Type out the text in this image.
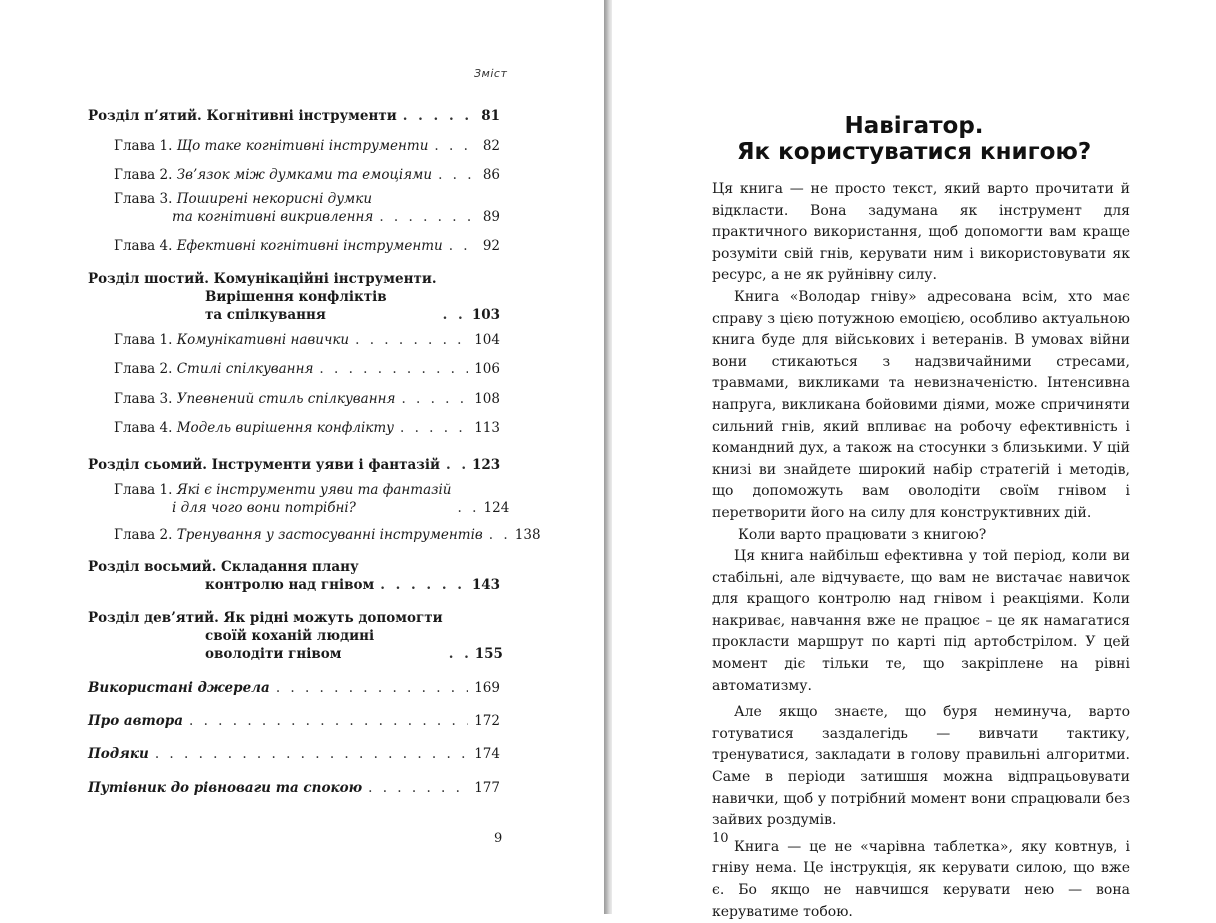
Зміст
Розділ п’ятий. Когнітивні інструменти . . .	81
Глава 1. Що таке когнітивні інструменти . . .	82
Глава 2. Зв’язок між думками та емоціями . . .	86
Глава 3. Поширені некорисні думки
та когнітивні викривлення . . .	89
Глава 4. Ефективні когнітивні інструменти . . .	92
Розділ шостий. Комунікаційні інструменти.
Вирішення конфліктів
та спілкування . . .	103
Глава 1. Комунікативні навички . . .	104
Глава 2. Стилі спілкування . . .	106
Глава 3. Упевнений стиль спілкування . . .	108
Глава 4. Модель вирішення конфлікту . . .	113
Розділ сьомий. Інструменти уяви і фантазій . . . 123
Глава 1. Які є інструменти уяви та фантазій
і для чого вони потрібні? . . .	124
Глава 2. Тренування у застосуванні інструментів . . . 138
Розділ восьмий. Складання плану
контролю над гнівом . . .	143
Розділ дев’ятий. Як рідні можуть допомогти
своїй коханій людині
оволодіти гнівом . . .	155
Використані джерела . . .	169
Про автора . . .	172
Подяки . . .	174
Путівник до рівноваги та спокою . . .	177
9
Навігатор.
Як користуватися книгою?

Ця книга — не просто текст, який варто прочитати й відкласти. Вона задумана як інструмент для практичного використання, щоб допомогти вам краще розуміти свій гнів, керувати ним і використовувати як ресурс, а не як руйнівну силу.

Книга «Володар гніву» адресована всім, хто має справу з цією потужною емоцією, особливо актуальною книга буде для військових і ветеранів. В умовах війни вони стикаються з надзвичайними стресами, травмами, викликами та невизначеністю. Інтенсивна напруга, викликана бойовими діями, може спричиняти сильний гнів, який впливає на робочу ефективність і командний дух, а також на стосунки з близькими. У цій книзі ви знайдете широкий набір стратегій і методів, що допоможуть вам оволодіти своїм гнівом і перетворити його на силу для конструктивних дій.

Коли варто працювати з книгою?

Ця книга найбільш ефективна у той період, коли ви стабільні, але відчуваєте, що вам не вистачає навичок для кращого контролю над гнівом і реакціями. Коли накриває, навчання вже не працює – це як намагатися прокласти маршрут по карті під артобстрілом. У цей момент діє тільки те, що закріплене на рівні автоматизму.

Але якщо знаєте, що буря неминуча, варто готуватися заздалегідь — вивчати тактику, тренуватися, закладати в голову правильні алгоритми. Саме в періоди затишшя можна відпрацьовувати навички, щоб у потрібний момент вони спрацювали без зайвих роздумів.

Книга — це не «чарівна таблетка», яку ковтнув, і гніву нема. Це інструкція, як керувати силою, що вже є. Бо якщо не навчишся керувати нею — вона керуватиме тобою.

10
